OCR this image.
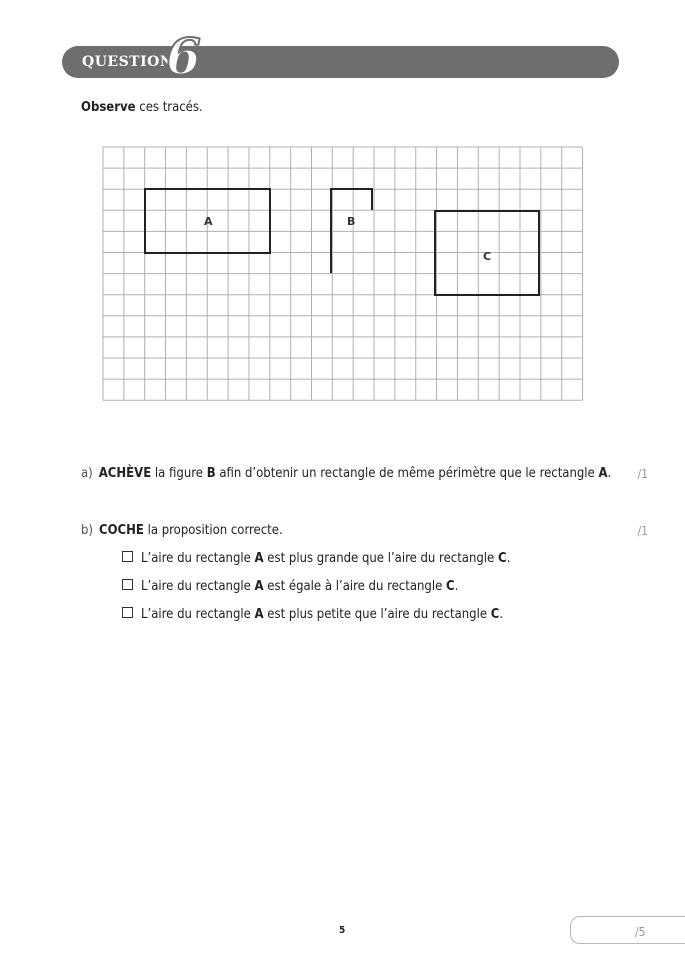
QUESTION
6
Observe ces tracés.
A	B
C
a) ACHÈVE la figure B afin d’obtenir un rectangle de même périmètre que le rectangle A. /1
b) COCHE la proposition correcte.	/1
L’aire du rectangle A est plus grande que l’aire du rectangle C.
L’aire du rectangle A est égale à l’aire du rectangle C.
L’aire du rectangle A est plus petite que l’aire du rectangle C.
5	/5
